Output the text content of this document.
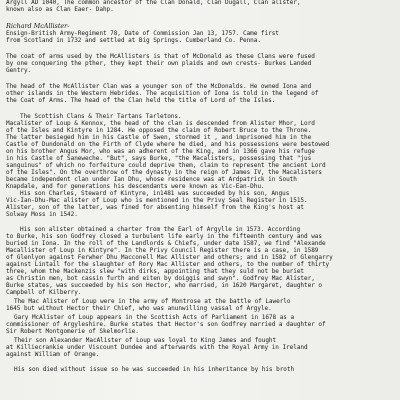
Argyll AD 1040, The common ancestor of the Clan Donald, Clan Dugall, Clan alister,
known also as Clan Eaer- Dahp.
Richard McAllister-
Ensign-British Army-Regiment 78, Date of Commission Jan 13, 1757. Came first
from Scotland in 1732 and settled at Big Springs. Cumberland Co. Penna.
The coat of arms used by the McAllisters is that of McDonald as these Clans were fused
by one conquering the pther, they kept their own plaids and own crests- Burkes Landed
Gentry.
The head of the McAllister Clan was a younger son of the McDonalds. He owned Iona and
other islands in the Western Hebrides. The acquisition of Iona is told in the legend of
the Coat of Arms. The head of the Clan held the title of Lord of the Isles.
The Scottish Clans & Their Tartans Tarletons.
Macalister of Loup & Kennox, the head of the clan is descended from Alister Mhor, Lord
of the Isles and Kintyre in 1284. He opposed the claim of Robert Bruce to the Throne.
The latter besieged him in his Castle of Swen, stormed it , and imprisoned him in the
Castle of Dundonald on the Firth of Clyde where he died, and his possessions were bestowed
on his brother Angus Mor, who was an adherent of the King, and in 1366 gave his refuge
in his Castle of Saneweche. "But", says Burke, "the Macalisters, possessing that "jus
sanguinus" of which no forfeiture could deprive them, claim to represent the ancient Lord
of the Isles". On the overthrow of the dynasty in the reign of James IV, the Macalisters
became independent clan under Ian Dhu, whose residence was at Ardpatrick in South
Knapdale, and for generations his descendants were known as Vic-Ean-Dhu.
His son Charles, Steward of Kintyre, in1481 was succeeded by his son, Angus
Vic-Ian-Dhu-Mac alister of Loup who is mentioned in the Privy Seal Register in 1515.
Alister, son of the latter, was fined for absenting himself from the King's host at
Solway Moss in 1542.
His son alister obtained a charter from the Earl of Argylle in 1573. According
to Burke, his son Godfrey closed a turbulent life early in the fifteenth century and was
buried in Iona. In the roll of the Landlords & Chiefs, under date 1587, we find "Alexande
Macallister of Loup in Kintyre". In the Privy Council Register there is a case, in 1589
of Glenlyon against Ferwher Dhu Macconell Mac Allister and others; and in 1582 of Glengarry
against Lintail for the slaughter of Rory Mac Allister and others, to the number of thirty
three, whom the Mackenzis slew "with dirks, appointing that they suld not be buriet
as Christin men, bot cassin furth and eiten by doiggis and swyn". Godfrey Mac Alister,
Burke states, was succeeded by his son Hector, who married, in 1620 Margaret, daughter o
Campbell of Kilberry.
The Mac Alister of Loup were in the army of Montrose at the battle of Lawerlo
1645 but without Hector their Chief, who was anunwilling vassal of Argyle.
Gary McAlister of Loup appears in the Scottish Acts of Parliament in 1678 as a
commissioner of Argyleshire. Burke states that Hector's son Godfrey married a daughter of
Sir Robert Montgomerie of Skelmorlie.
Their son Alexander MacAlister of Loup was loyal to King James and fought
at Killiecrankie under Viscount Dundee and afterwards with the Royal Army in Ireland
against William of Orange.
His son died without issue so he was succeeded in his inheritance by his broth
